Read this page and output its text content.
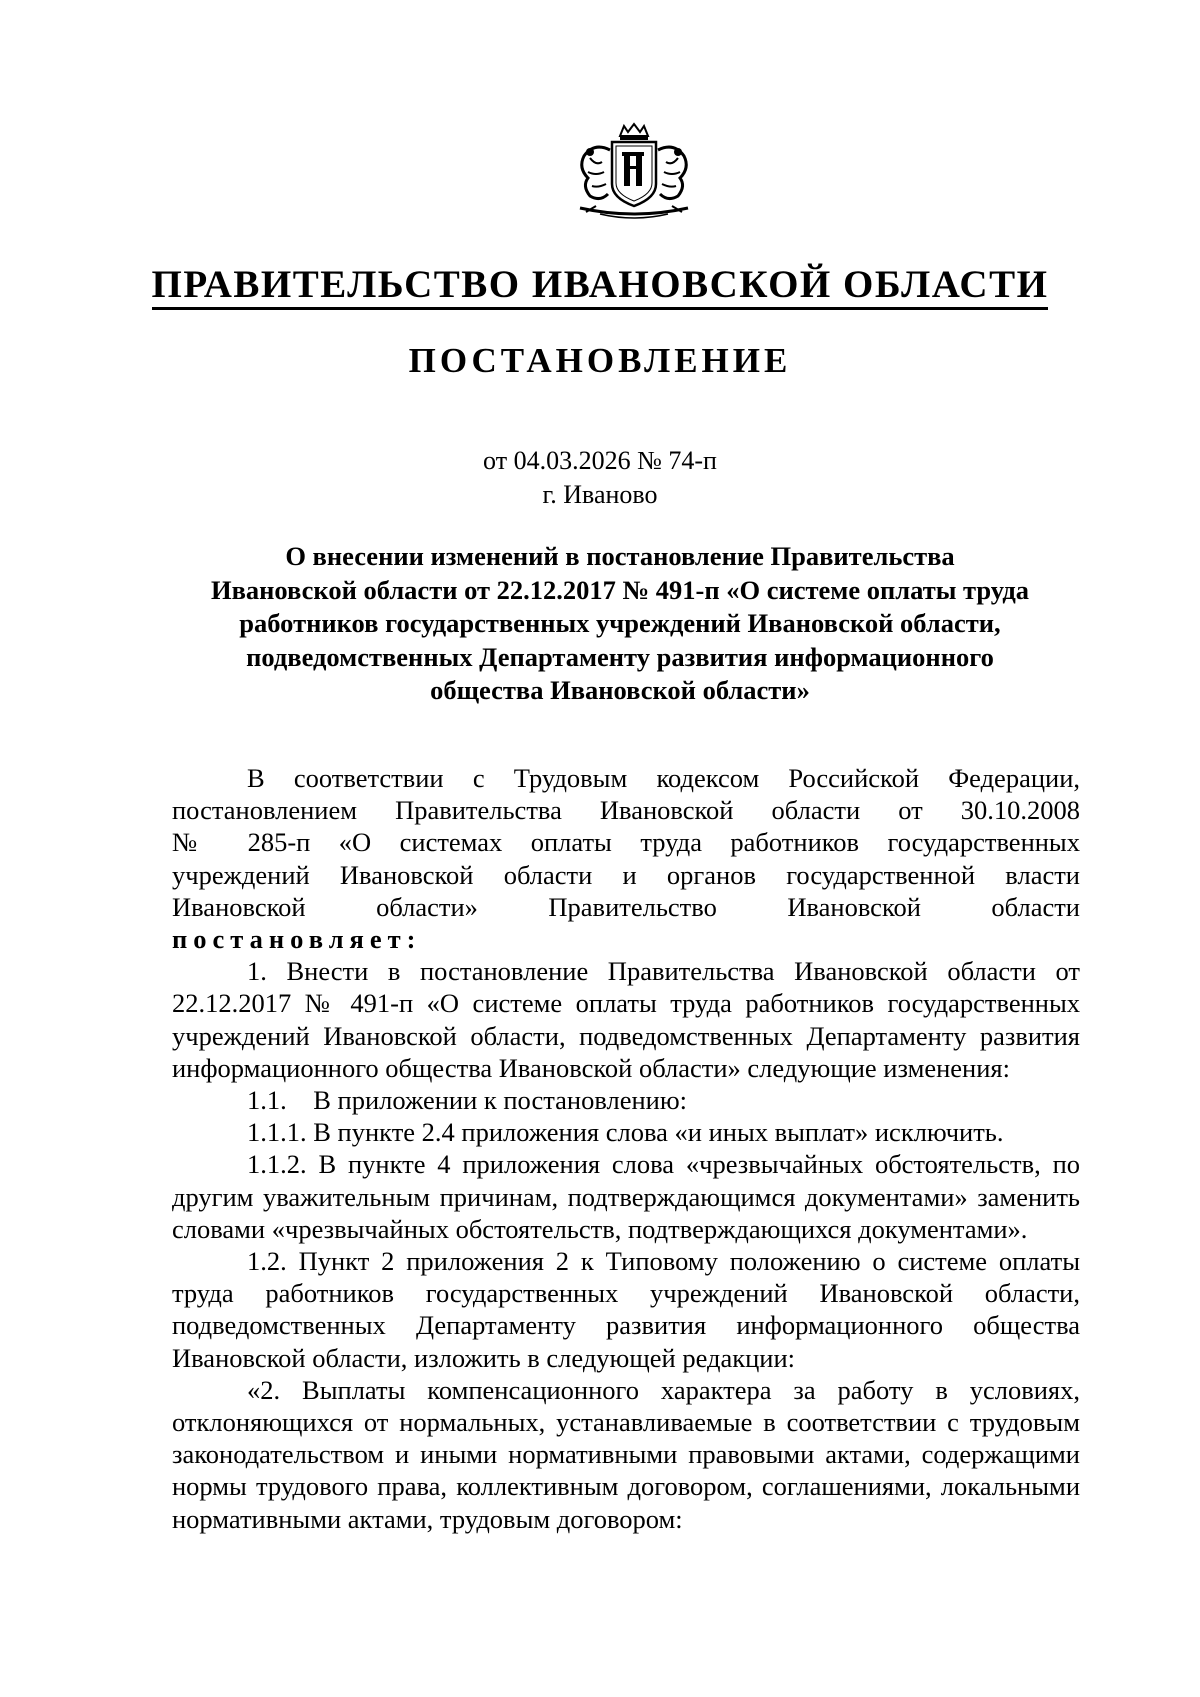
ПРАВИТЕЛЬСТВО ИВАНОВСКОЙ ОБЛАСТИ
ПОСТАНОВЛЕНИЕ
от 04.03.2026 № 74-п
г. Иваново
О внесении изменений в постановление Правительства
Ивановской области от 22.12.2017 № 491-п «О системе оплаты труда
работников государственных учреждений Ивановской области,
подведомственных Департаменту развития информационного
общества Ивановской области»

В соответствии с Трудовым кодексом Российской Федерации,

постановлением Правительства Ивановской области от 30.10.2008

№ 285-п «О системах оплаты труда работников государственных

учреждений Ивановской области и органов государственной власти

Ивановской области» Правительство Ивановской области

постановляет:

1. Внести в постановление Правительства Ивановской области от 22.12.2017 № 491-п «О системе оплаты труда работников государственных учреждений Ивановской области, подведомственных Департаменту развития информационного общества Ивановской области» следующие изменения:

1.1.    В приложении к постановлению:

1.1.1. В пункте 2.4 приложения слова «и иных выплат» исключить.

1.1.2. В пункте 4 приложения слова «чрезвычайных обстоятельств, по другим уважительным причинам, подтверждающимся документами» заменить словами «чрезвычайных обстоятельств, подтверждающихся документами».

1.2. Пункт 2 приложения 2 к Типовому положению о системе оплаты труда работников государственных учреждений Ивановской области, подведомственных Департаменту развития информационного общества Ивановской области, изложить в следующей редакции:

«2. Выплаты компенсационного характера за работу в условиях, отклоняющихся от нормальных, устанавливаемые в соответствии с трудовым законодательством и иными нормативными правовыми актами, содержащими нормы трудового права, коллективным договором, соглашениями, локальными нормативными актами, трудовым договором:
